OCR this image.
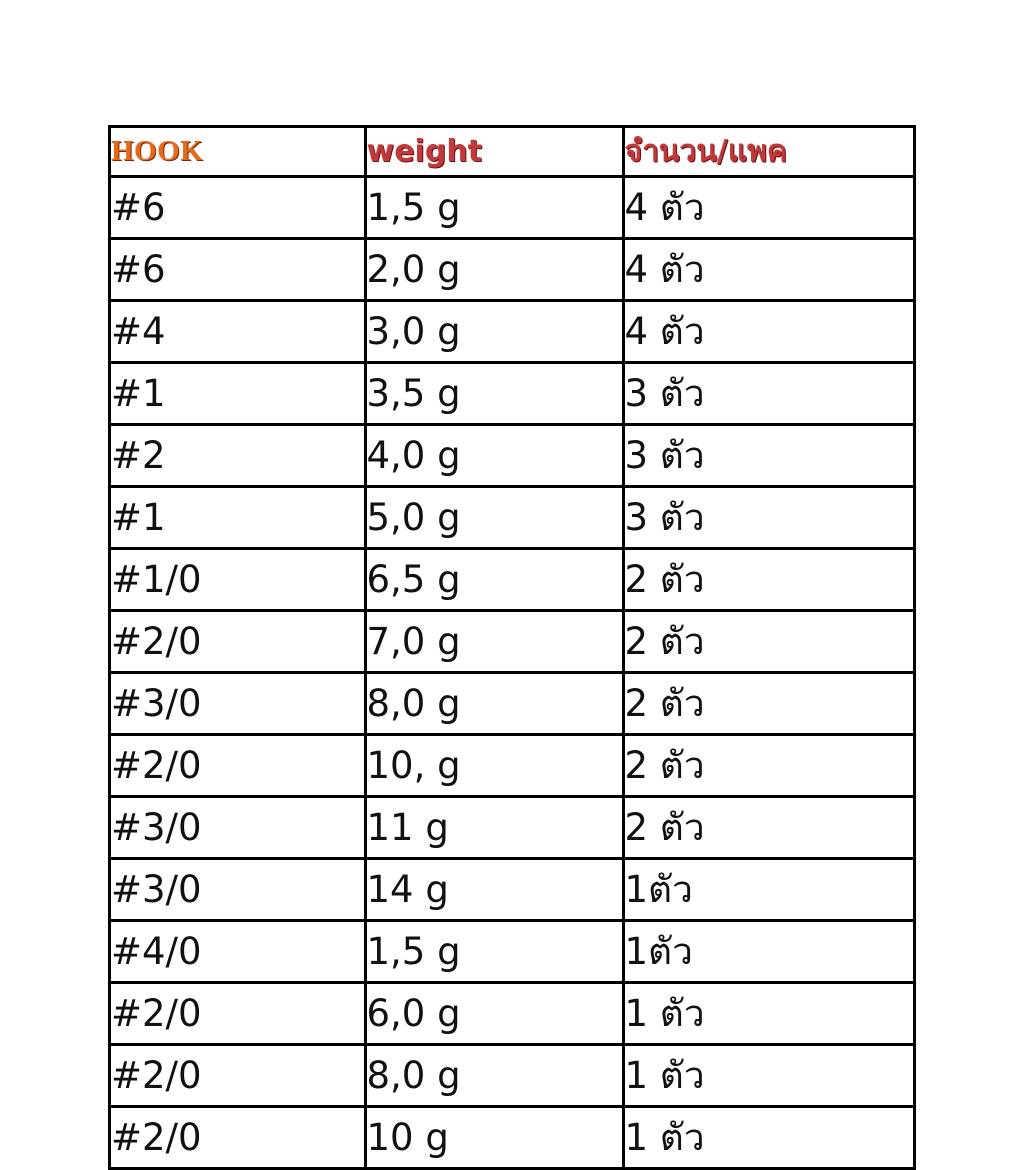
HOOK	weight	จำนวน/แพค
#6	1,5 g	4 ตัว
#6	2,0 g	4 ตัว
#4	3,0 g	4 ตัว
#1	3,5 g	3 ตัว
#2	4,0 g	3 ตัว
#1	5,0 g	3 ตัว
#1/0	6,5 g	2 ตัว
#2/0	7,0 g	2 ตัว
#3/0	8,0 g	2 ตัว
#2/0	10, g	2 ตัว
#3/0	11 g	2 ตัว
#3/0	14 g	1ตัว
#4/0	1,5 g	1ตัว
#2/0	6,0 g	1 ตัว
#2/0	8,0 g	1 ตัว
#2/0	10 g	1 ตัว
